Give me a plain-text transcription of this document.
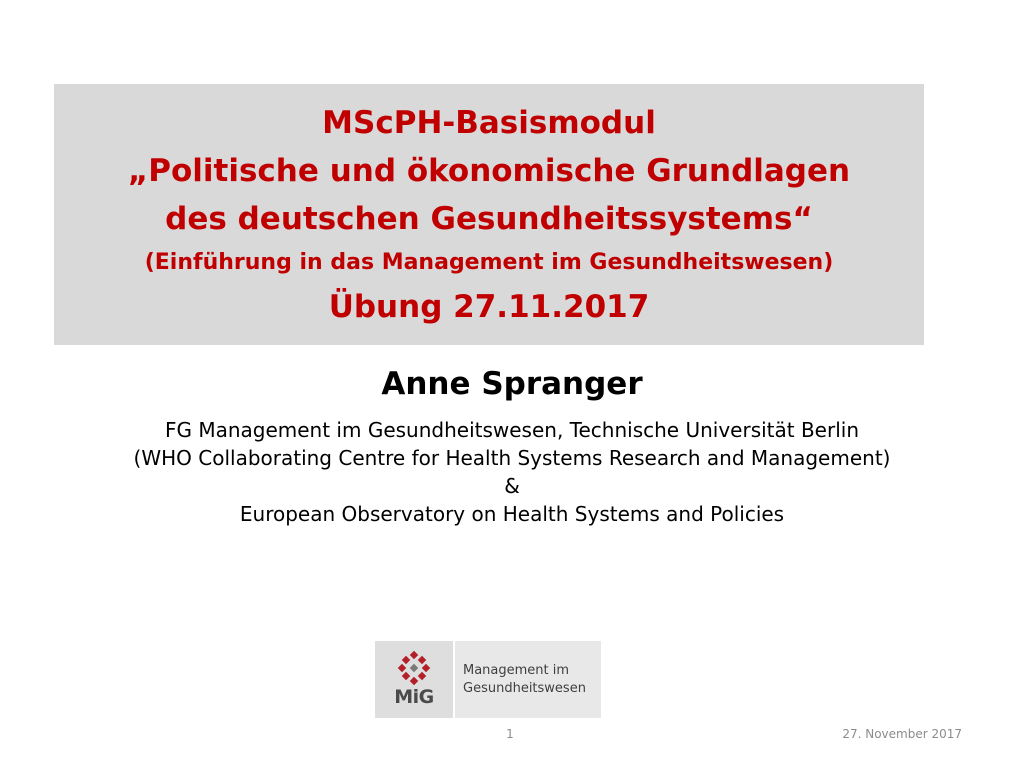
MScPH-Basismodul
„Politische und ökonomische Grundlagen
des deutschen Gesundheitssystems“
(Einführung in das Management im Gesundheitswesen)
Übung 27.11.2017
Anne Spranger
FG Management im Gesundheitswesen, Technische Universität Berlin
(WHO Collaborating Centre for Health Systems Research and Management)
&
European Observatory on Health Systems and Policies
MiG
Management im
Gesundheitswesen
1	27. November 2017
